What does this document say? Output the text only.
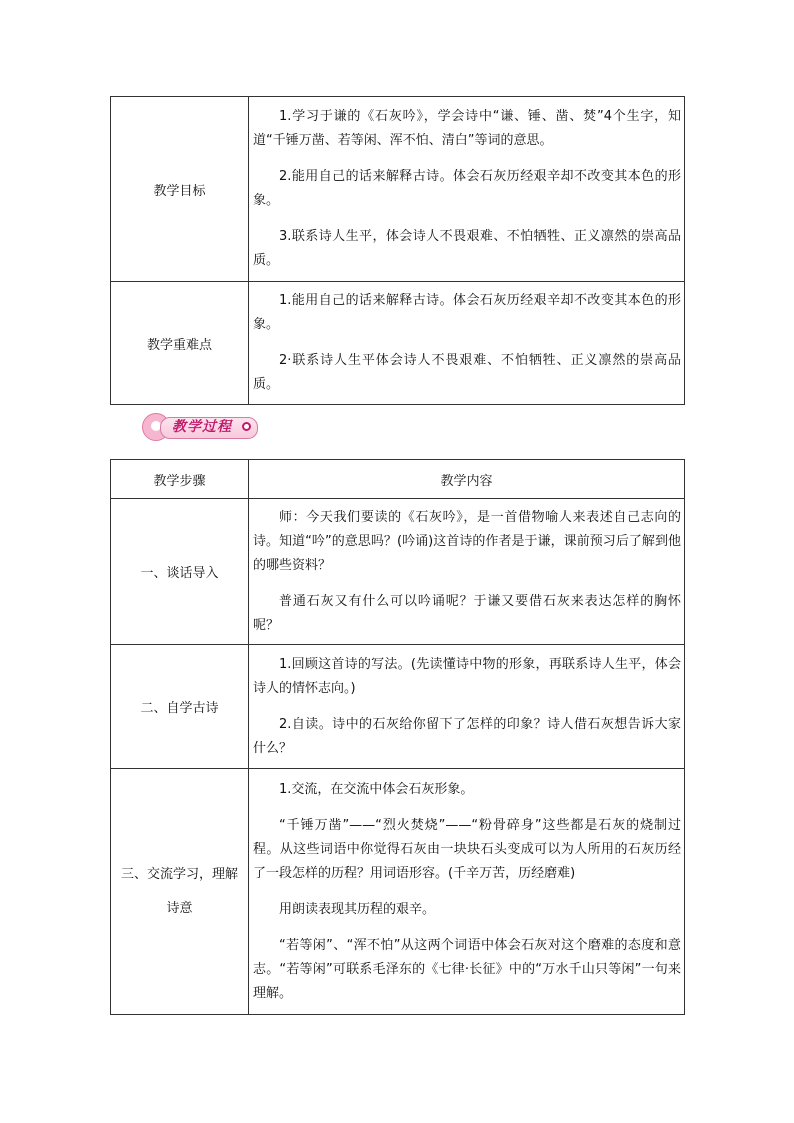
教学目标	1.学习于谦的《石灰吟》，学会诗中“谦、锤、凿、焚”4个生字，知道“千锤万凿、若等闲、浑不怕、清白”等词的意思。

2.能用自己的话来解释古诗。体会石灰历经艰辛却不改变其本色的形象。

3.联系诗人生平，体会诗人不畏艰难、不怕牺牲、正义凛然的崇高品质。

教学重难点	1.能用自己的话来解释古诗。体会石灰历经艰辛却不改变其本色的形象。

2·联系诗人生平体会诗人不畏艰难、不怕牺牲、正义凛然的崇高品质。

教学过程
教学步骤	教学内容
一、谈话导入	师：今天我们要读的《石灰吟》，是一首借物喻人来表述自己志向的诗。知道“吟”的意思吗？(吟诵)这首诗的作者是于谦，课前预习后了解到他的哪些资料？

普通石灰又有什么可以吟诵呢？于谦又要借石灰来表达怎样的胸怀呢？

二、自学古诗	1.回顾这首诗的写法。(先读懂诗中物的形象，再联系诗人生平，体会诗人的情怀志向。)

2.自读。诗中的石灰给你留下了怎样的印象？诗人借石灰想告诉大家什么？

三、交流学习，理解诗意	1.交流，在交流中体会石灰形象。

“千锤万凿”——“烈火焚烧”——“粉骨碎身”这些都是石灰的烧制过程。从这些词语中你觉得石灰由一块块石头变成可以为人所用的石灰历经了一段怎样的历程？用词语形容。(千辛万苦，历经磨难)

用朗读表现其历程的艰辛。

“若等闲”、“浑不怕”从这两个词语中体会石灰对这个磨难的态度和意志。“若等闲”可联系毛泽东的《七律·长征》中的“万水千山只等闲”一句来理解。
